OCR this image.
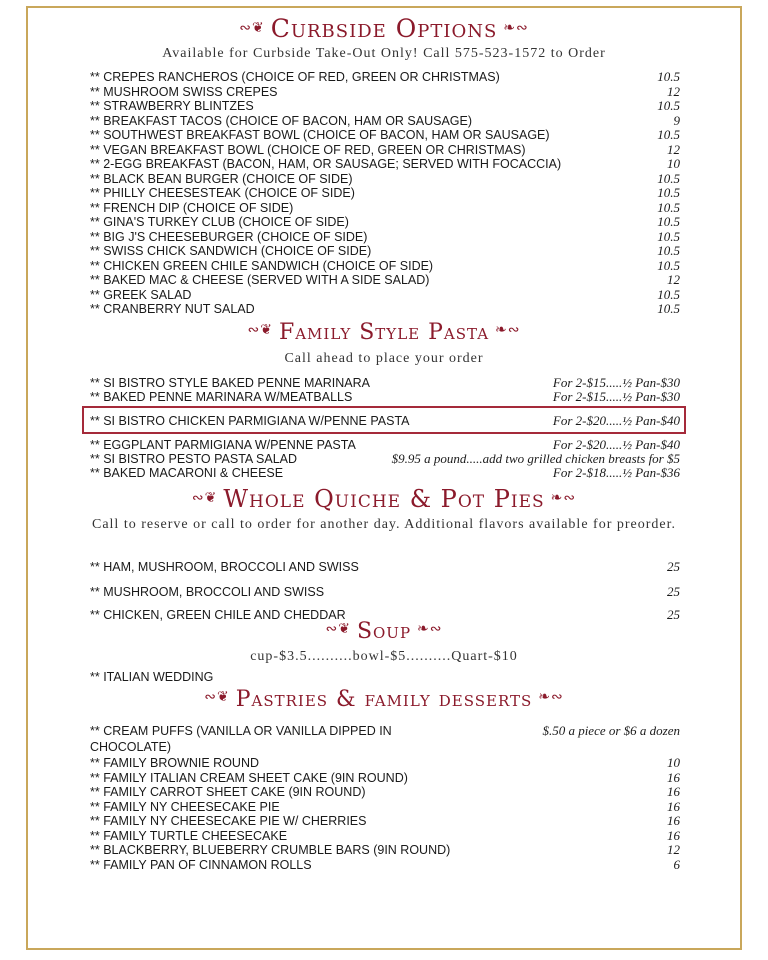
∾❦ Curbside Options ❧∾
Available for Curbside Take-Out Only! Call 575-523-1572 to Order
** CREPES RANCHEROS (CHOICE OF RED, GREEN OR CHRISTMAS)	10.5
** MUSHROOM SWISS CREPES	12
** STRAWBERRY BLINTZES	10.5
** BREAKFAST TACOS (CHOICE OF BACON, HAM OR SAUSAGE)	9
** SOUTHWEST BREAKFAST BOWL (CHOICE OF BACON, HAM OR SAUSAGE)	10.5
** VEGAN BREAKFAST BOWL (CHOICE OF RED, GREEN OR CHRISTMAS)	12
** 2-EGG BREAKFAST (BACON, HAM, OR SAUSAGE; SERVED WITH FOCACCIA)	10
** BLACK BEAN BURGER (CHOICE OF SIDE)	10.5
** PHILLY CHEESESTEAK (CHOICE OF SIDE)	10.5
** FRENCH DIP (CHOICE OF SIDE)	10.5
** GINA'S TURKEY CLUB (CHOICE OF SIDE)	10.5
** BIG J'S CHEESEBURGER (CHOICE OF SIDE)	10.5
** SWISS CHICK SANDWICH (CHOICE OF SIDE)	10.5
** CHICKEN GREEN CHILE SANDWICH (CHOICE OF SIDE)	10.5
** BAKED MAC & CHEESE (SERVED WITH A SIDE SALAD)	12
** GREEK SALAD	10.5
** CRANBERRY NUT SALAD	10.5
∾❦ Family Style Pasta ❧∾
Call ahead to place your order
** SI BISTRO STYLE BAKED PENNE MARINARA	For 2-$15.....½ Pan-$30
** BAKED PENNE MARINARA W/MEATBALLS	For 2-$15.....½ Pan-$30
** SI BISTRO CHICKEN PARMIGIANA W/PENNE PASTA	For 2-$20.....½ Pan-$40
** EGGPLANT PARMIGIANA W/PENNE PASTA	For 2-$20.....½ Pan-$40
** SI BISTRO PESTO PASTA SALAD	$9.95 a pound.....add two grilled chicken breasts for $5
** BAKED MACARONI & CHEESE	For 2-$18.....½ Pan-$36
∾❦ Whole Quiche & Pot Pies ❧∾
Call to reserve or call to order for another day. Additional flavors available for preorder.
** HAM, MUSHROOM, BROCCOLI AND SWISS	25
** MUSHROOM, BROCCOLI AND SWISS	25
** CHICKEN, GREEN CHILE AND CHEDDAR	25
∾❦ Soup ❧∾
cup-$3.5..........bowl-$5..........Quart-$10
** ITALIAN WEDDING
∾❦ Pastries & family desserts ❧∾
** CREAM PUFFS (VANILLA OR VANILLA DIPPED IN	$.50 a piece or $6 a dozen
CHOCOLATE)
** FAMILY BROWNIE ROUND	10
** FAMILY ITALIAN CREAM SHEET CAKE (9IN ROUND)	16
** FAMILY CARROT SHEET CAKE (9IN ROUND)	16
** FAMILY NY CHEESECAKE PIE	16
** FAMILY NY CHEESECAKE PIE W/ CHERRIES	16
** FAMILY TURTLE CHEESECAKE	16
** BLACKBERRY, BLUEBERRY CRUMBLE BARS (9IN ROUND)	12
** FAMILY PAN OF CINNAMON ROLLS	6
